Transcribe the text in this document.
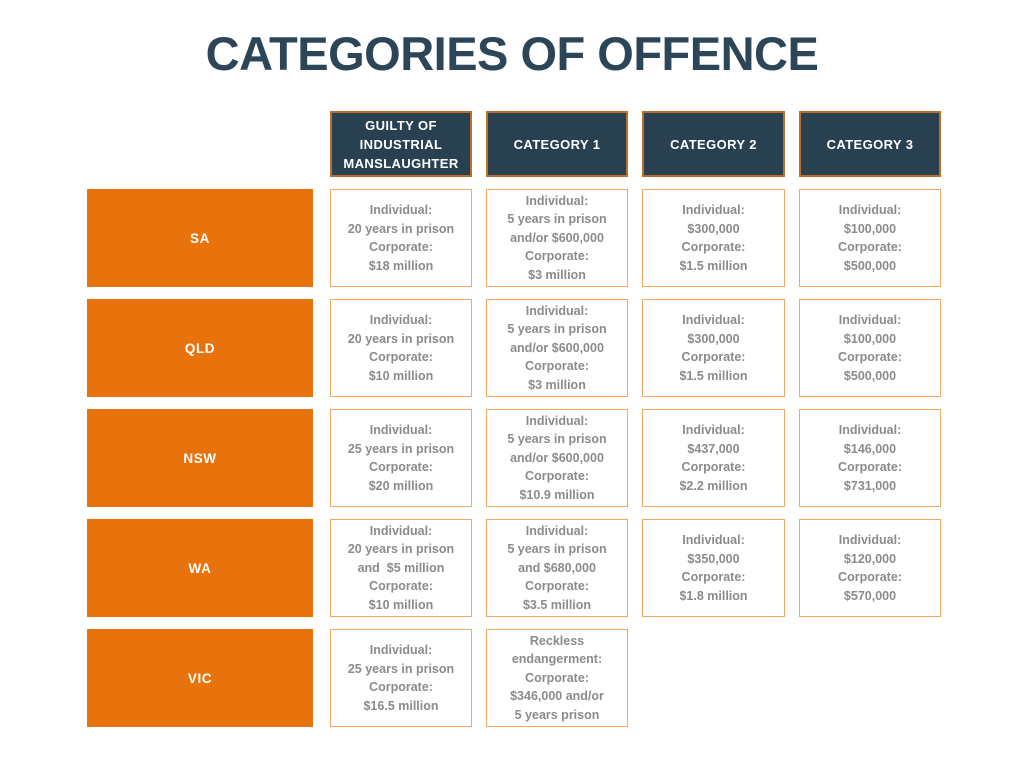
CATEGORIES OF OFFENCE
GUILTY OF INDUSTRIAL MANSLAUGHTER
CATEGORY 1	CATEGORY 2	CATEGORY 3
SA
Individual:
20 years in prison
Corporate:
$18 million
Individual:
5 years in prison
and/or $600,000
Corporate:
$3 million
Individual:
$300,000
Corporate:
$1.5 million
Individual:
$100,000
Corporate:
$500,000
QLD
Individual:
20 years in prison
Corporate:
$10 million
Individual:
5 years in prison
and/or $600,000
Corporate:
$3 million
Individual:
$300,000
Corporate:
$1.5 million
Individual:
$100,000
Corporate:
$500,000
NSW
Individual:
25 years in prison
Corporate:
$20 million
Individual:
5 years in prison
and/or $600,000
Corporate:
$10.9 million
Individual:
$437,000
Corporate:
$2.2 million
Individual:
$146,000
Corporate:
$731,000
WA
Individual:
20 years in prison
and  $5 million
Corporate:
$10 million
Individual:
5 years in prison
and $680,000
Corporate:
$3.5 million
Individual:
$350,000
Corporate:
$1.8 million
Individual:
$120,000
Corporate:
$570,000
VIC
Individual:
25 years in prison
Corporate:
$16.5 million
Reckless
endangerment:
Corporate:
$346,000 and/or
5 years prison
